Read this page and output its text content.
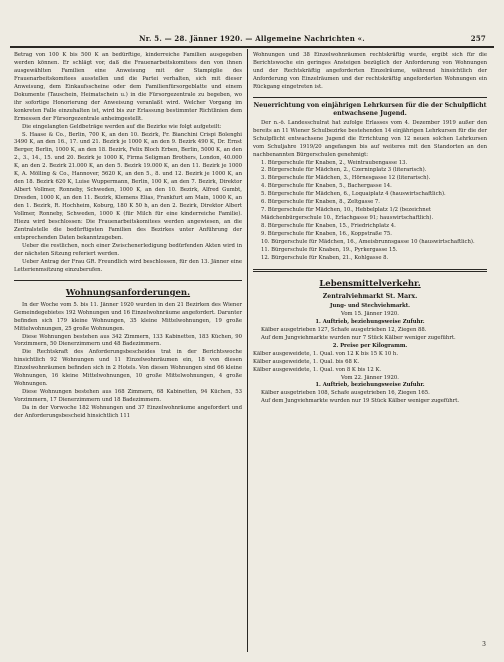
Nr. 5. — 28. Jänner 1920. — Allgemeine Nachrichten «.	257

Betrag von 100 K bis 500 K an bedürftige, kinderreiche Familien ausgegeben werden können. Er schlägt vor, daß die Frauenarbeitskomitees den von ihnen ausgewählten Familien eine Anweisung mit der Stampiglie des Frauenarbeitskomitees ausstellen und die Partei verhalten, sich mit dieser Anweisung, dem Einkaufsscheine oder dem Familienfürsorgeblatte und einem Dokumente (Tauschein, Heimatschein u.) in die Fürsorgezentrale zu begeben, wo ihr sofortige Honorierung der Anweisung veranlaßt wird. Welcher Vorgang im konkreten Falle einzuhalten ist, wird bis zur Erlassung bestimmter Richtlinien dem Ermessen der Fürsorgezentrale anheimgestellt.

Die eingelangten Geldbeträge werden auf die Bezirke wie folgt aufgeteilt:

S. Haase & Co., Berlin, 700 K, an den 10. Bezirk, Fr. Bianchini Crispi Bolenghi 3490 K, an den 16., 17. und 21. Bezirk je 1000 K, an den 9. Bezirk 490 K, Dr. Ernst Berger, Berlin, 1000 K, an den 18. Bezirk, Felix Bloch Erben, Berlin, 5000 K, an den 2., 3., 14., 15. und 20. Bezirk je 1000 K, Firma Seligman Brothers, London, 40.000 K, an den 2. Bezirk 21.000 K, an den 5. Bezirk 19.000 K, an den 11. Bezirk je 1000 K, A. Mölling & Co., Hannover, 5620 K, an den 5., 8. und 12. Bezirk je 1000 K, an den 18. Bezirk 620 K, Luise Wuppermann, Berlin, 100 K, an den 7. Bezirk, Direktor Albert Vollmer, Ronneby, Schweden, 1000 K, an den 10. Bezirk, Alfred Gumbt, Dresden, 1000 K, an den 11. Bezirk, Klemens Elias, Frankfurt am Main, 1000 K, an den 1. Bezirk, R. Hochheim, Koburg, 180 K 50 h, an den 2. Bezirk, Direktor Albert Vollmer, Ronneby, Schweden, 1000 K (für Milch für eine kinderreiche Familie). Hiezu wird beschlossen: Die Frauenarbeitskomitees werden angewiesen, an die Zentralstelle die bedürftigsten Familien des Bezirkes unter Anführung der entsprechenden Daten bekanntzugeben.

Ueber die restlichen, noch einer Zwischenerledigung bedürfenden Akten wird in der nächsten Sitzung referiert werden.

Ueber Antrag der Frau GR. Freundlich wird beschlossen, für den 13. Jänner eine Letterienmsitzung einzuberufen.

Wohnungsanforderungen.

In der Woche vom 5. bis 11. Jänner 1920 wurden in den 21 Bezirken des Wiener Gemeindegebietes 192 Wohnungen und 16 Einzelwohnräume angefordert. Darunter befinden sich 179 kleine Wohnungen, 35 kleine Mittelwohnungen, 19 große Mittelwohnungen, 25 große Wohnungen.

Diese Wohnungen bestehen aus 342 Zimmern, 133 Kabinetten, 183 Küchen, 90 Vorzimmern, 50 Dienerzimmern und 48 Badezimmern.

Die Rechtskraft des Anforderungsbescheides trat in der Berichtswoche hinsichtlich 92 Wohnungen und 11 Einzelwohnräumen ein, 18 von diesen Einzelwohnräumen befinden sich in 2 Hotels. Von diesen Wohnungen sind 66 kleine Wohnungen, 16 kleine Mittelwohnungen, 10 große Mittelwohnungen, 4 große Wohnungen.

Diese Wohnungen bestehen aus 168 Zimmern, 68 Kabinetten, 94 Küchen, 53 Vorzimmern, 17 Dienerzimmern und 18 Badezimmern.

Da in der Vorwoche 182 Wohnungen und 37 Einzelwohnräume angefordert und der Anforderungsbescheid hinsichtlich 111

Wohnungen und 38 Einzelwohnräumen rechtskräftig wurde, ergibt sich für die Berichtswoche ein geringes Ansteigen bezüglich der Anforderung von Wohnungen und der Rechtskräftig angeforderten Einzelräume, während hinsichtlich der Anforderung von Einzelräumen und der rechtskräftig angeforderten Wohnungen ein Rückgang eingetreten ist.

Neuerrichtung von einjährigen Lehrkursen für die der Schulpflicht entwachsene Jugend.

Der n.-ö. Landesschulrat hat zufolge Erlasses vom 4. Dezember 1919 außer den bereits an 11 Wiener Schulbezirke bestehenden 14 einjährigen Lehrkursen für die der Schulpflicht entwachsene Jugend die Errichtung von 12 neuen solchen Lehrkursen vom Schuljahre 1919/20 angefangen bis auf weiteres mit den Standorten an den nachbenannten Bürgerschulen genehmigt:

1. Bürgerschule für Knaben, 2., Weintraubengasse 13.
2. Bürgerschule für Mädchen, 2., Czerninplatz 3 (literarisch).
3. Bürgerschule für Mädchen, 3., Hörnesgasse 12 (literarisch).
4. Bürgerschule für Knaben, 5., Bachergasse 14.
5. Bürgerschule für Mädchen, 6., Loquaiplatz 4 (hauswirtschaftlich).
6. Bürgerschule für Knaben, 8., Zeltgasse 7.
7. Bürgerschule für Mädchen, 10., Hebbelplatz 1/2 (bezeichnet Mädchenbürgerschule 10., Erlachgasse 91; hauswirtschaftlich).
8. Bürgerschule für Knaben, 15., Friedrichplatz 4.
9. Bürgerschule für Knaben, 16., Koppstraße 75.
10. Bürgerschule für Mädchen, 16., Ameisbrunnsgasse 10 (hauswirtschaftlich).
11. Bürgerschule für Knaben, 19., Pyrkergasse 15.
12. Bürgerschule für Knaben, 21., Kohlgasse 8.
Lebensmittelverkehr.
Zentralviehmarkt St. Marx.
Jung- und Stechviehmarkt.
Vom 15. Jänner 1920.
1. Auftrieb, beziehungsweise Zufuhr.

Kälber ausgetrieben 127, Schafe ausgetrieben 12, Ziegen 88.

Auf dem Jungviehmarkte wurden nur 7 Stück Kälber weniger zugeführt.

2. Preise per Kilogramm.

Kälber ausgeweidete, 1. Qual. von 12 K bis 15 K 10 h.

Kälber ausgeweidete, 1. Qual. bis 68 K.

Kälber ausgeweidete, 1. Qual. von 8 K bis 12 K.

Vom 22. Jänner 1920.
1. Auftrieb, beziehungsweise Zufuhr.

Kälber ausgetrieben 108, Schafe ausgetrieben 16, Ziegen 165.

Auf dem Jungviehmarkte wurden nur 19 Stück Kälber weniger zugeführt.

3
